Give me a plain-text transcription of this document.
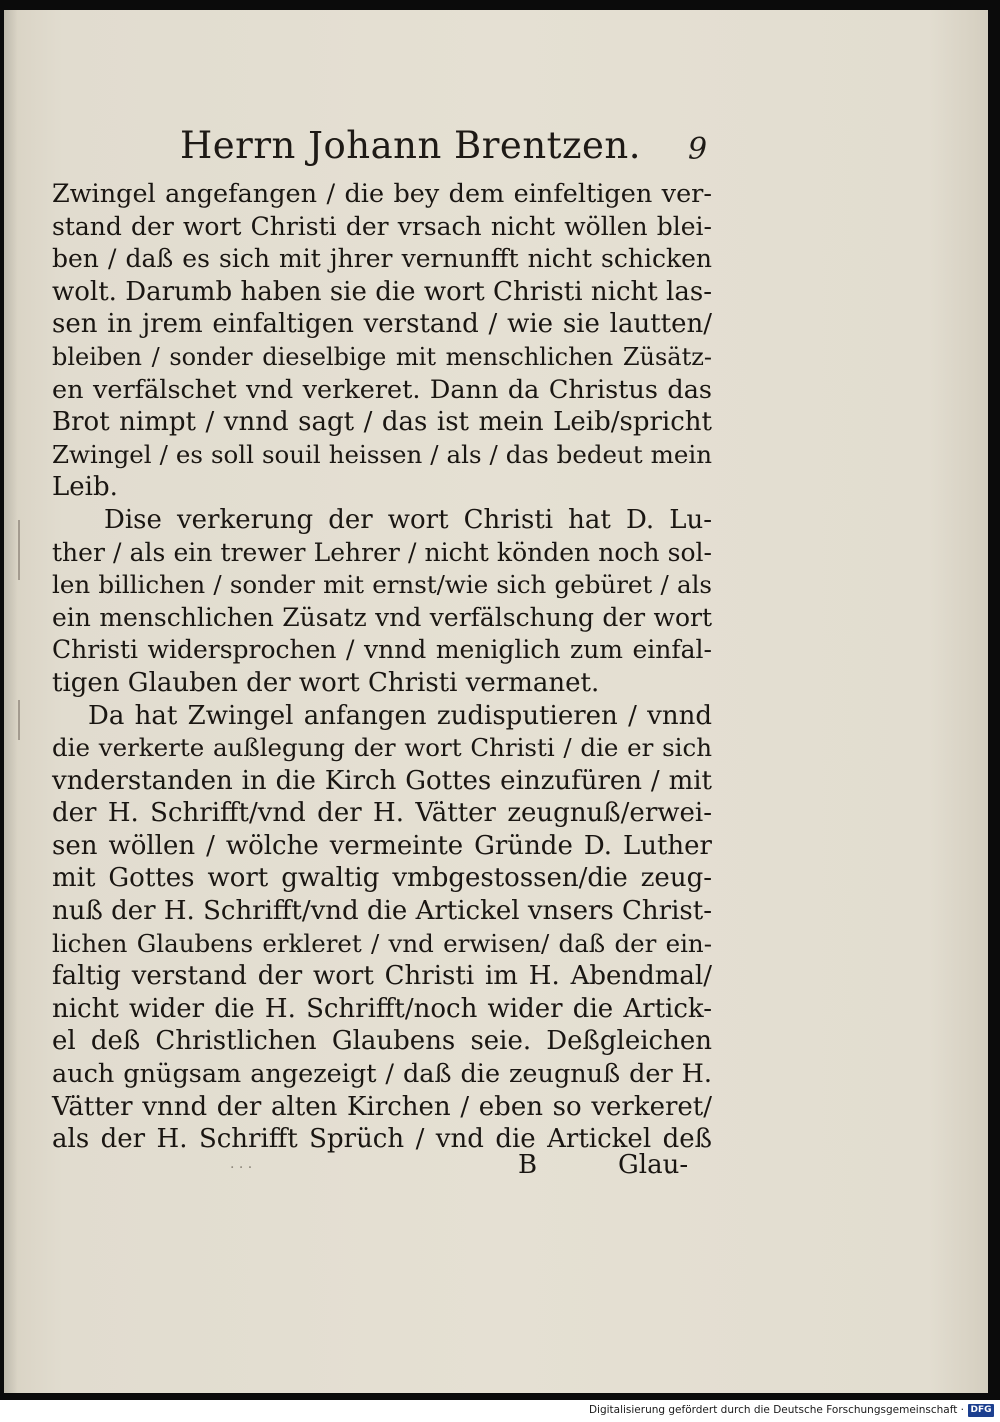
Herrn Johann Brentzen. 9
Zwingel angefangen / die bey dem einfeltigen ver-
stand der wort Christi der vrsach nicht wöllen blei-
ben / daß es sich mit jhrer vernunfft nicht schicken
wolt. Darumb haben sie die wort Christi nicht las-
sen in jrem einfaltigen verstand / wie sie lautten/
bleiben / sonder dieselbige mit menschlichen Züsätz-
en verfälschet vnd verkeret. Dann da Christus das
Brot nimpt / vnnd sagt / das ist mein Leib/spricht
Zwingel / es soll souil heissen / als / das bedeut mein
Leib.
Dise verkerung der wort Christi hat D. Lu-
ther / als ein trewer Lehrer / nicht könden noch sol-
len billichen / sonder mit ernst/wie sich gebüret / als
ein menschlichen Züsatz vnd verfälschung der wort
Christi widersprochen / vnnd meniglich zum einfal-
tigen Glauben der wort Christi vermanet.
Da hat Zwingel anfangen zudisputieren / vnnd
die verkerte außlegung der wort Christi / die er sich
vnderstanden in die Kirch Gottes einzufüren / mit
der H. Schrifft/vnd der H. Vätter zeugnuß/erwei-
sen wöllen / wölche vermeinte Gründe D. Luther
mit Gottes wort gwaltig vmbgestossen/die zeug-
nuß der H. Schrifft/vnd die Artickel vnsers Christ-
lichen Glaubens erkleret / vnd erwisen/ daß der ein-
faltig verstand der wort Christi im H. Abendmal/
nicht wider die H. Schrifft/noch wider die Artick-
el deß Christlichen Glaubens seie. Deßgleichen
auch gnügsam angezeigt / daß die zeugnuß der H.
Vätter vnnd der alten Kirchen / eben so verkeret/
als der H. Schrifft Sprüch / vnd die Artickel deß
B	Glau-
· · ·
Digitalisierung gefördert durch die Deutsche Forschungsgemeinschaft · DFG
